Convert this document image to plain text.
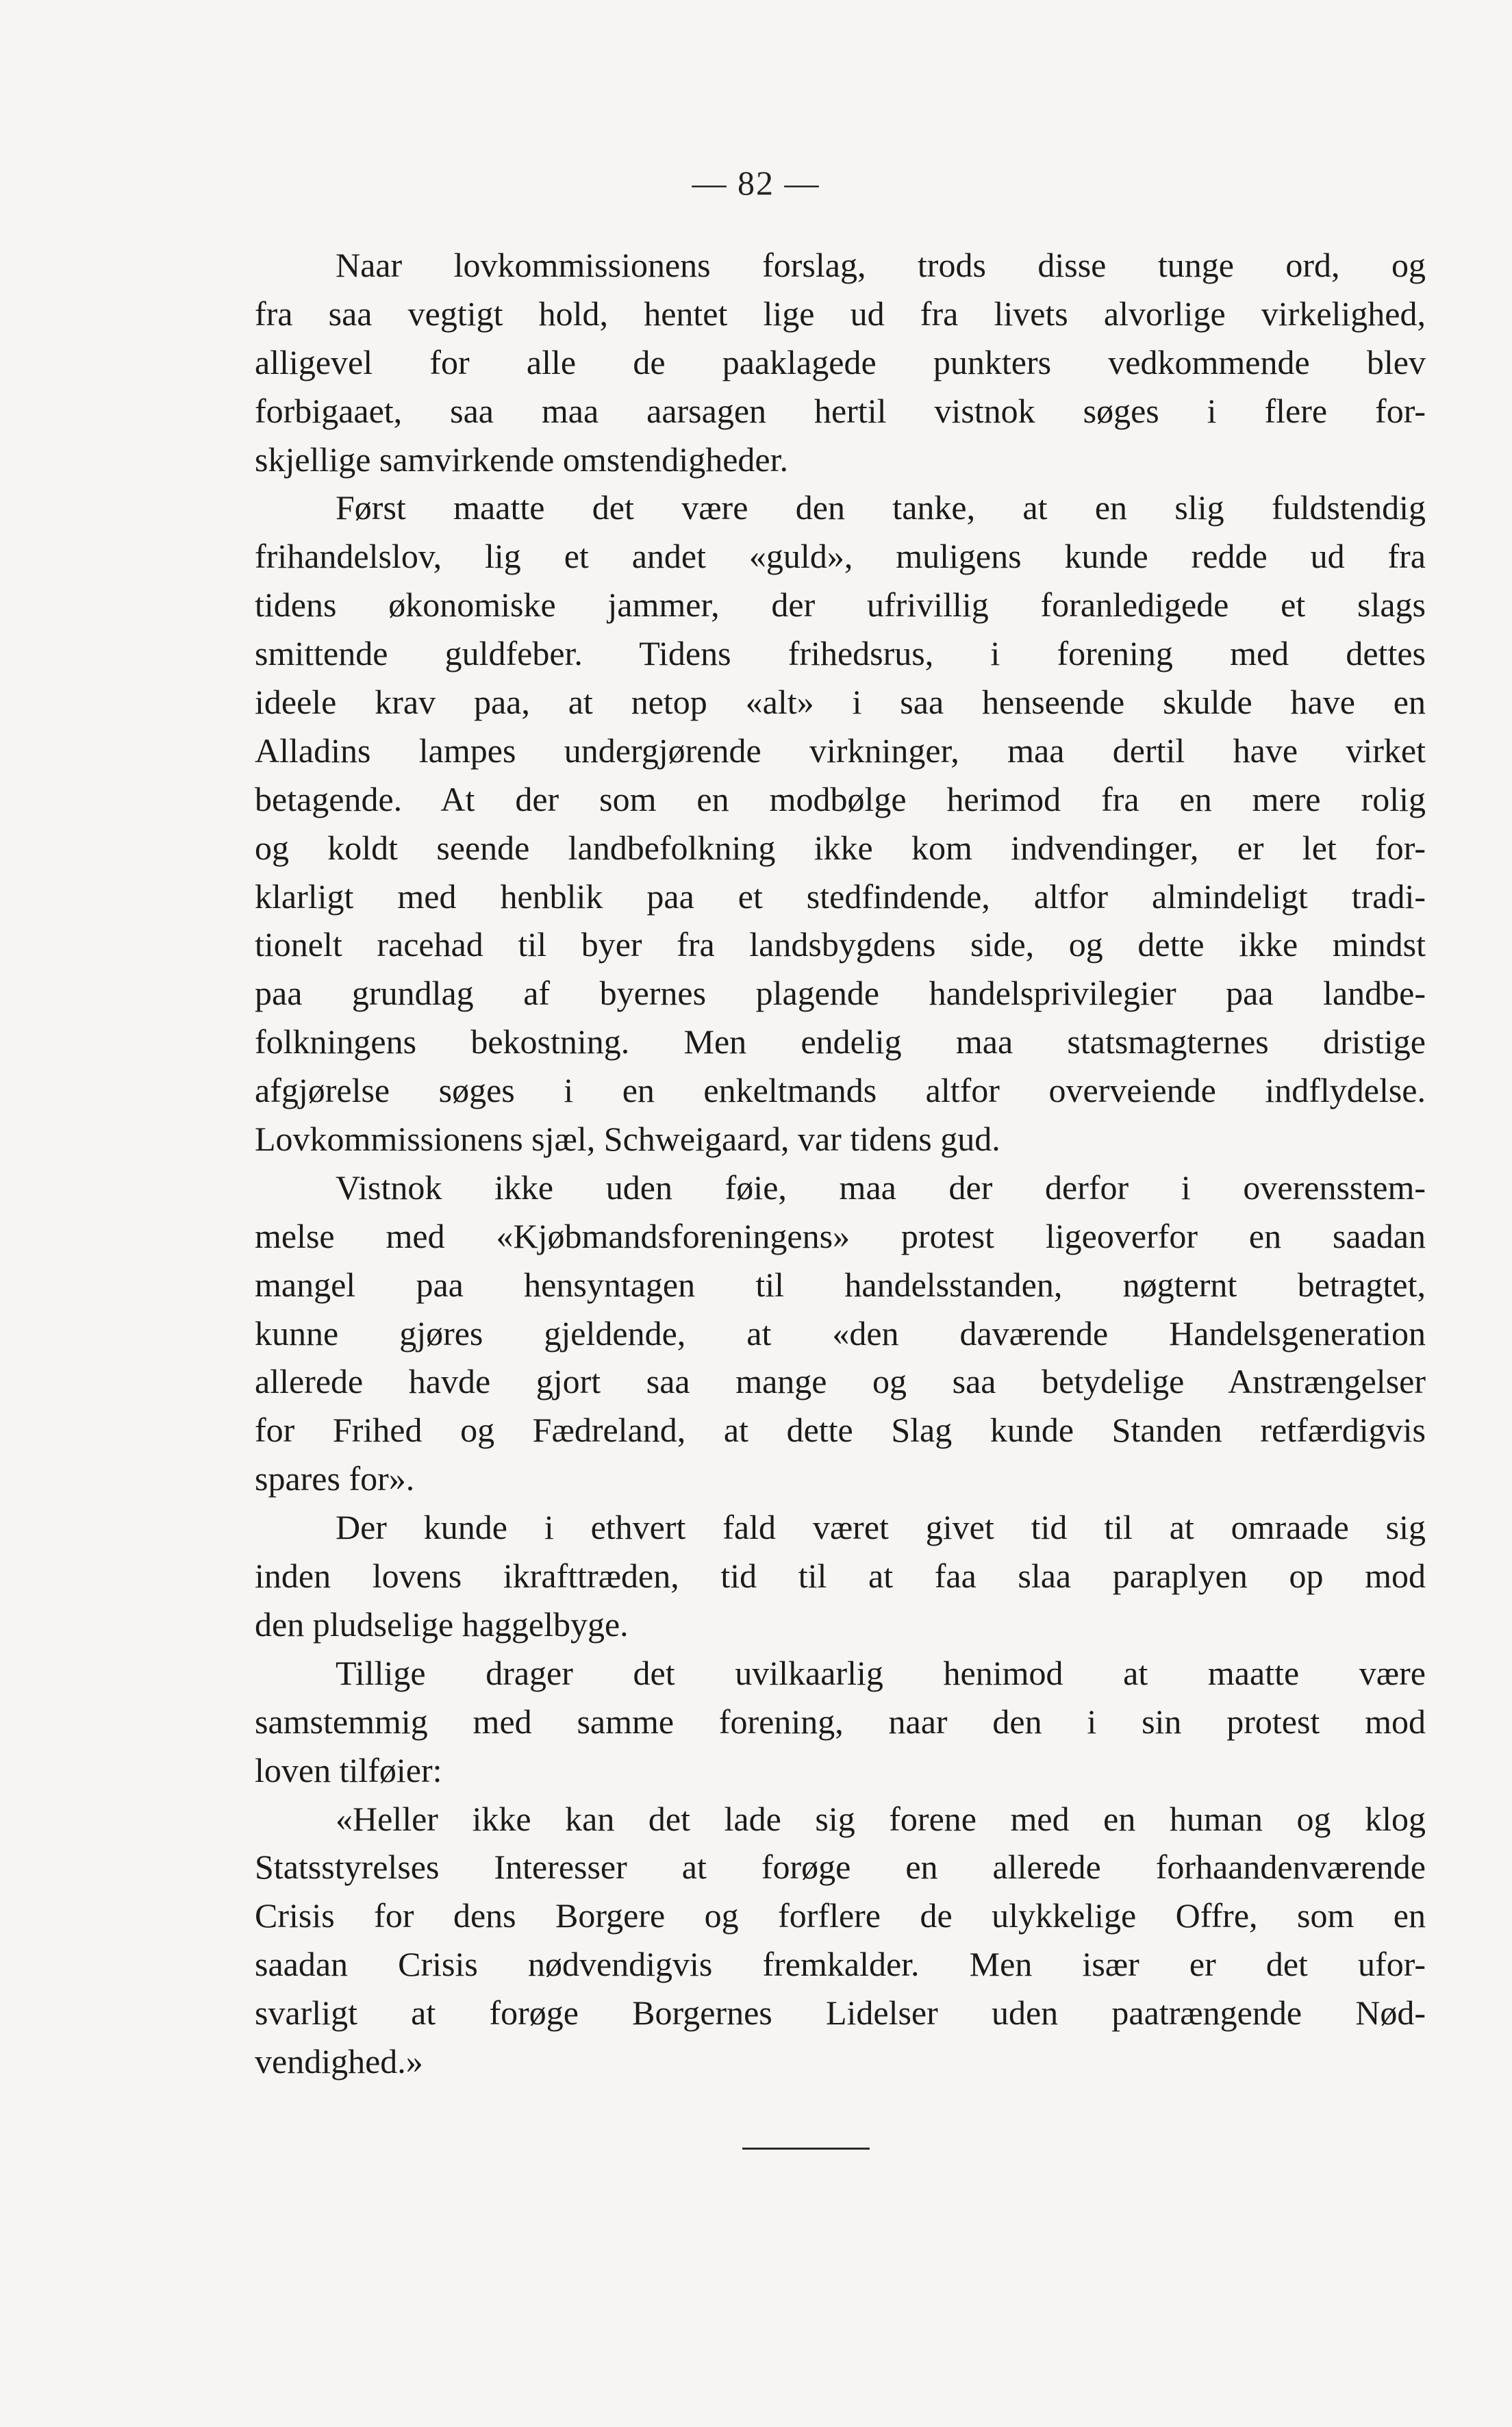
— 82 —
Naar lovkommissionens forslag, trods disse tunge ord, og
fra saa vegtigt hold, hentet lige ud fra livets alvorlige virkelighed,
alligevel for alle de paaklagede punkters vedkommende blev
forbigaaet, saa maa aarsagen hertil vistnok søges i flere for-
skjellige samvirkende omstendigheder.
Først maatte det være den tanke, at en slig fuldstendig
frihandelslov, lig et andet «guld», muligens kunde redde ud fra
tidens økonomiske jammer, der ufrivillig foranledigede et slags
smittende guldfeber. Tidens frihedsrus, i forening med dettes
ideele krav paa, at netop «alt» i saa henseende skulde have en
Alladins lampes undergjørende virkninger, maa dertil have virket
betagende. At der som en modbølge herimod fra en mere rolig
og koldt seende landbefolkning ikke kom indvendinger, er let for-
klarligt med henblik paa et stedfindende, altfor almindeligt tradi-
tionelt racehad til byer fra landsbygdens side, og dette ikke mindst
paa grundlag af byernes plagende handelsprivilegier paa landbe-
folkningens bekostning. Men endelig maa statsmagternes dristige
afgjørelse søges i en enkeltmands altfor overveiende indflydelse.
Lovkommissionens sjæl, Schweigaard, var tidens gud.
Vistnok ikke uden føie, maa der derfor i overensstem-
melse med «Kjøbmandsforeningens» protest ligeoverfor en saadan
mangel paa hensyntagen til handelsstanden, nøgternt betragtet,
kunne gjøres gjeldende, at «den daværende Handelsgeneration
allerede havde gjort saa mange og saa betydelige Anstrængelser
for Frihed og Fædreland, at dette Slag kunde Standen retfærdigvis
spares for».
Der kunde i ethvert fald været givet tid til at omraade sig
inden lovens ikrafttræden, tid til at faa slaa paraplyen op mod
den pludselige haggelbyge.
Tillige drager det uvilkaarlig henimod at maatte være
samstemmig med samme forening, naar den i sin protest mod
loven tilføier:
«Heller ikke kan det lade sig forene med en human og klog
Statsstyrelses Interesser at forøge en allerede forhaandenværende
Crisis for dens Borgere og forflere de ulykkelige Offre, som en
saadan Crisis nødvendigvis fremkalder. Men især er det ufor-
svarligt at forøge Borgernes Lidelser uden paatrængende Nød-
vendighed.»
